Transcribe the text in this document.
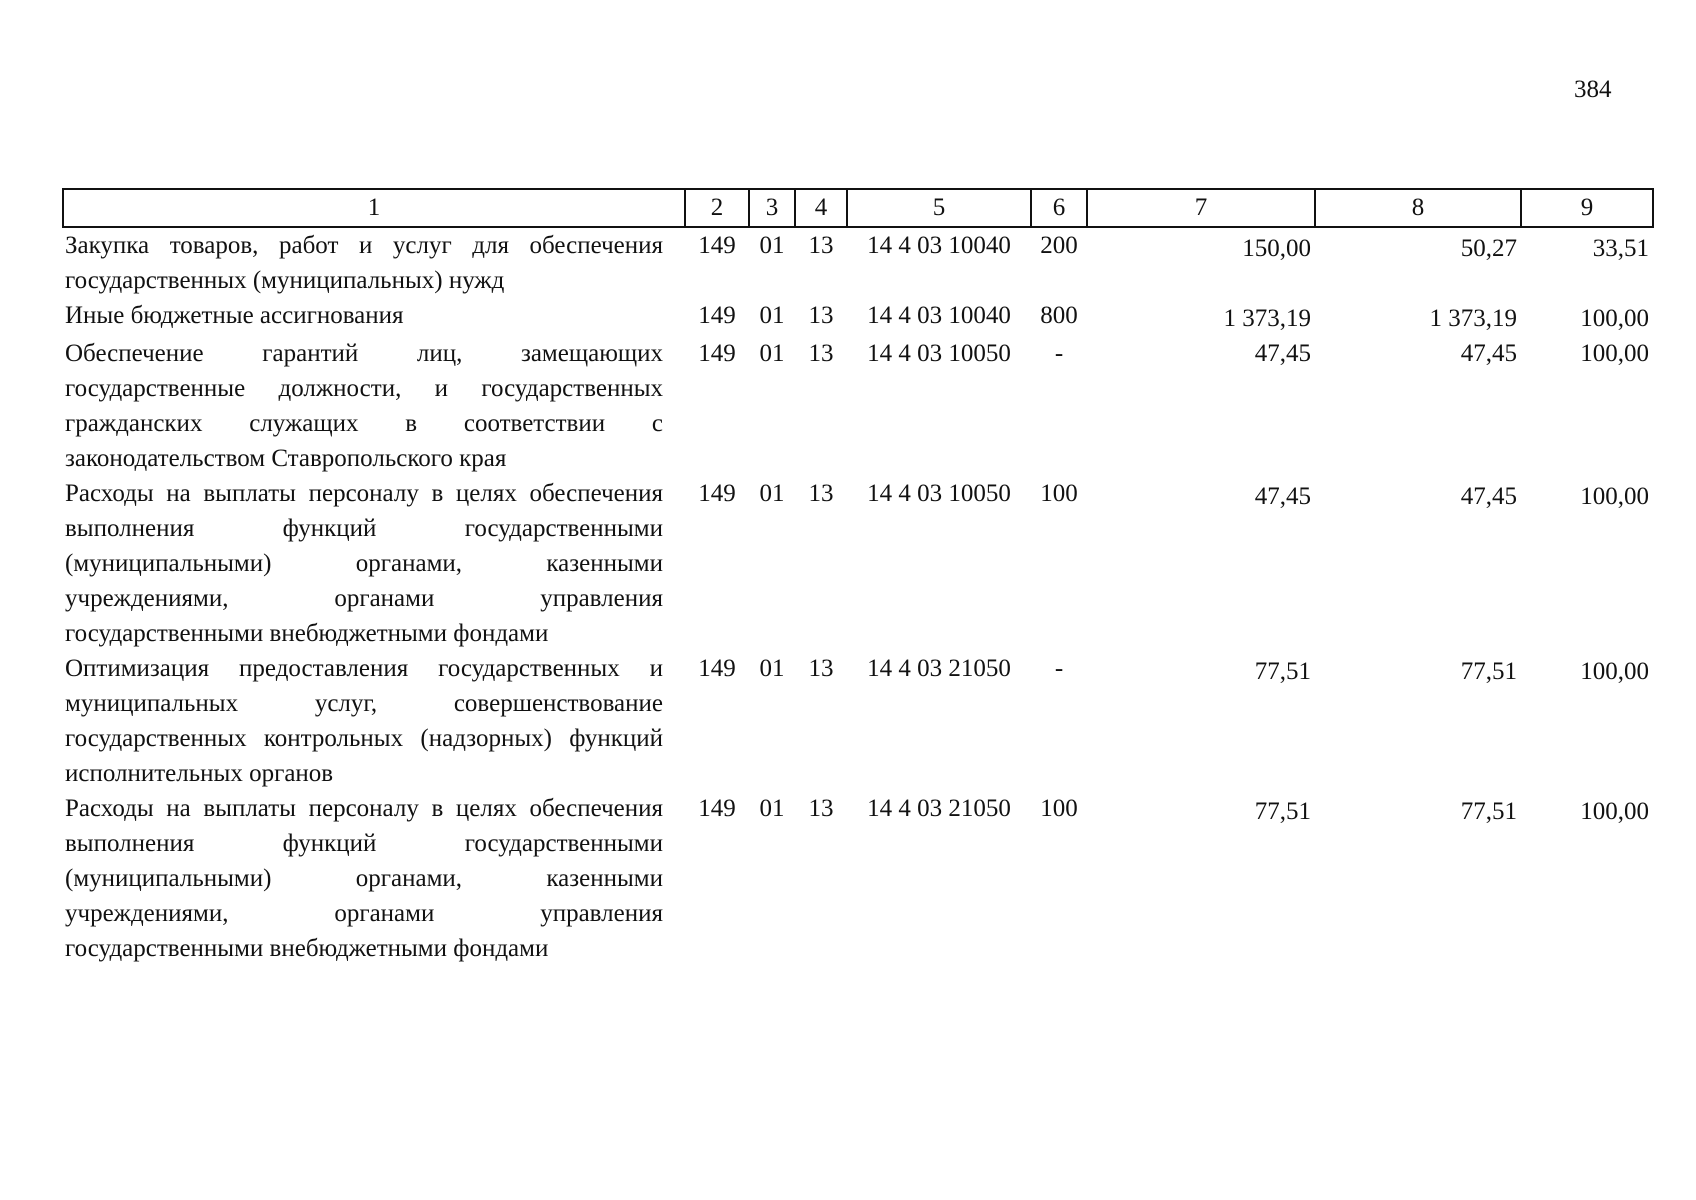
384
1	2	3	4	5	6	7	8	9
Закупка товаров, работ и услуг для обеспечения государственных (муниципальных) нужд	149	01	13	14 4 03 10040	200	150,00	50,27	33,51
Иные бюджетные ассигнования	149	01	13	14 4 03 10040	800	1 373,19	1 373,19	100,00
Обеспечение гарантий лиц, замещающих государственные должности, и государственных гражданских служащих в соответствии с законодательством Ставропольского края	149	01	13	14 4 03 10050	-	47,45	47,45	100,00
Расходы на выплаты персоналу в целях обеспечения выполнения функций государственными (муниципальными) органами, казенными учреждениями, органами управления государственными внебюджетными фондами	149	01	13	14 4 03 10050	100	47,45	47,45	100,00
Оптимизация предоставления государственных и муниципальных услуг, совершенствование государственных контрольных (надзорных) функций исполнительных органов	149	01	13	14 4 03 21050	-	77,51	77,51	100,00
Расходы на выплаты персоналу в целях обеспечения выполнения функций государственными (муниципальными) органами, казенными учреждениями, органами управления государственными внебюджетными фондами	149	01	13	14 4 03 21050	100	77,51	77,51	100,00
